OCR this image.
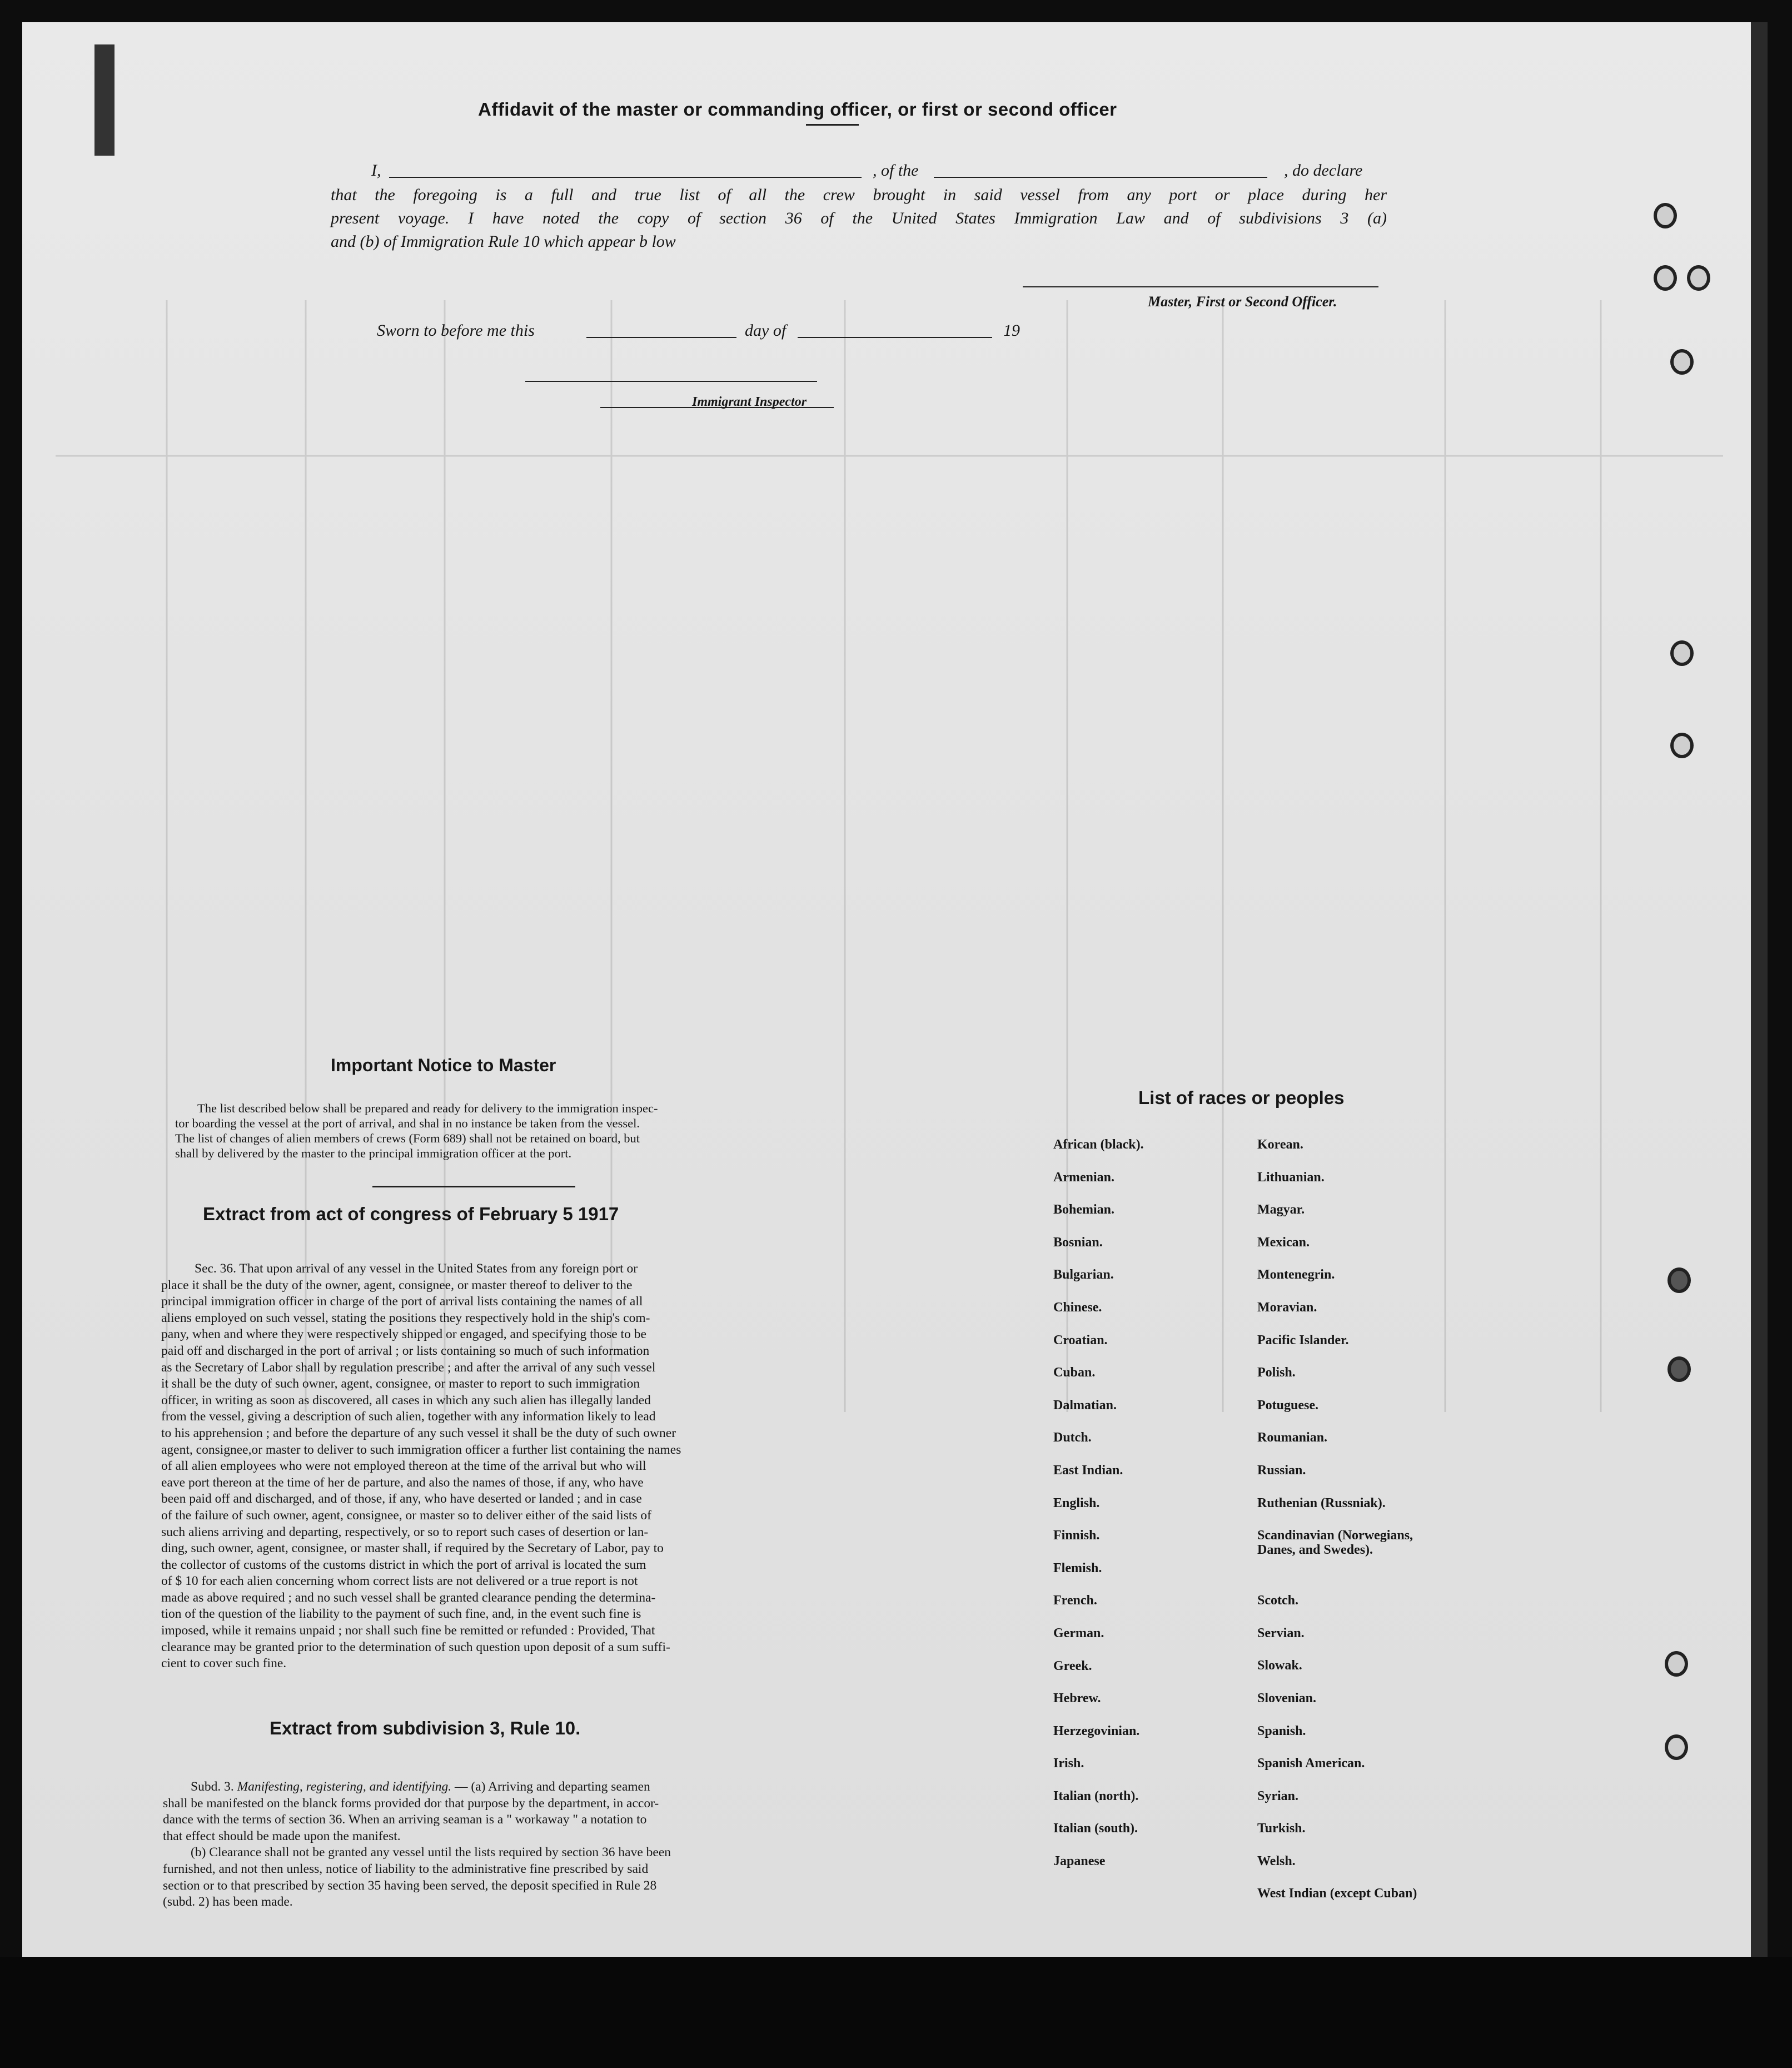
Affidavit of the master or commanding officer, or first or second officer
I,	, of the	, do declare
that the foregoing is a full and true list of all the crew brought in said vessel from any port or place during her
present voyage. I have noted the copy of section 36 of the United States Immigration Law and of subdivisions 3 (a)
and (b) of Immigration Rule 10 which appear b low
Master, First or Second Officer.
Sworn to before me this	day of	19
Immigrant Inspector
Important Notice to Master
The list described below shall be prepared and ready for delivery to the immigration inspec-
tor boarding the vessel at the port of arrival, and shal in no instance be taken from the vessel.
The list of changes of alien members of crews (Form 689) shall not be retained on board, but
shall by delivered by the master to the principal immigration officer at the port.
Extract from act of congress of February 5 1917
Sec. 36. That upon arrival of any vessel in the United States from any foreign port or
place it shall be the duty of the owner, agent, consignee, or master thereof to deliver to the
principal immigration officer in charge of the port of arrival lists containing the names of all
aliens employed on such vessel, stating the positions they respectively hold in the ship's com-
pany, when and where they were respectively shipped or engaged, and specifying those to be
paid off and discharged in the port of arrival ; or lists containing so much of such information
as the Secretary of Labor shall by regulation prescribe ; and after the arrival of any such vessel
it shall be the duty of such owner, agent, consignee, or master to report to such immigration
officer, in writing as soon as discovered, all cases in which any such alien has illegally landed
from the vessel, giving a description of such alien, together with any information likely to lead
to his apprehension ; and before the departure of any such vessel it shall be the duty of such owner
agent, consignee,or master to deliver to such immigration officer a further list containing the names
of all alien employees who were not employed thereon at the time of the arrival but who will
eave port thereon at the time of her de parture, and also the names of those, if any, who have
been paid off and discharged, and of those, if any, who have deserted or landed ; and in case
of the failure of such owner, agent, consignee, or master so to deliver either of the said lists of
such aliens arriving and departing, respectively, or so to report such cases of desertion or lan-
ding, such owner, agent, consignee, or master shall, if required by the Secretary of Labor, pay to
the collector of customs of the customs district in which the port of arrival is located the sum
of $ 10 for each alien concerning whom correct lists are not delivered or a true report is not
made as above required ; and no such vessel shall be granted clearance pending the determina-
tion of the question of the liability to the payment of such fine, and, in the event such fine is
imposed, while it remains unpaid ; nor shall such fine be remitted or refunded : Provided, That
clearance may be granted prior to the determination of such question upon deposit of a sum suffi-
cient to cover such fine.
Extract from subdivision 3, Rule 10.
Subd. 3. Manifesting, registering, and identifying. — (a) Arriving and departing seamen
shall be manifested on the blanck forms provided dor that purpose by the department, in accor-
dance with the terms of section 36. When an arriving seaman is a " workaway " a notation to
that effect should be made upon the manifest.
(b) Clearance shall not be granted any vessel until the lists required by section 36 have been
furnished, and not then unless, notice of liability to the administrative fine prescribed by said
section or to that prescribed by section 35 having been served, the deposit specified in Rule 28
(subd. 2) has been made.
List of races or peoples
African (black).
Armenian.
Bohemian.
Bosnian.
Bulgarian.
Chinese.
Croatian.
Cuban.
Dalmatian.
Dutch.
East Indian.
English.
Finnish.
Flemish.
French.
German.
Greek.
Hebrew.
Herzegovinian.
Irish.
Italian (north).
Italian (south).
Japanese
Korean.
Lithuanian.
Magyar.
Mexican.
Montenegrin.
Moravian.
Pacific Islander.
Polish.
Potuguese.
Roumanian.
Russian.
Ruthenian (Russniak).
Scandinavian (Norwegians, Danes, and Swedes).
Scotch.
Servian.
Slowak.
Slovenian.
Spanish.
Spanish American.
Syrian.
Turkish.
Welsh.
West Indian (except Cuban)
